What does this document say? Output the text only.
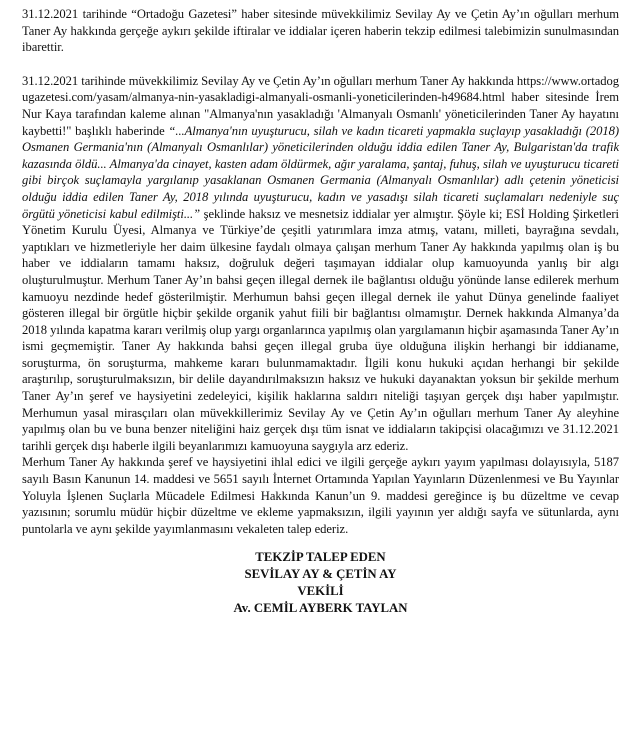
31.12.2021 tarihinde “Ortadoğu Gazetesi” haber sitesinde müvekkilimiz Sevilay Ay ve Çetin Ay’ın oğulları merhum Taner Ay hakkında gerçeğe aykırı şekilde iftiralar ve iddialar içeren haberin tekzip edilmesi talebimizin sunulmasından ibarettir.

31.12.2021 tarihinde müvekkilimiz Sevilay Ay ve Çetin Ay’ın oğulları merhum Taner Ay hakkında https://www.ortadogugazetesi.com/yasam/almanya-nin-yasakladigi-almanyali-osmanli-yoneticilerinden-h49684.html haber sitesinde İrem Nur Kaya tarafından kaleme alınan "Almanya'nın yasakladığı 'Almanyalı Osmanlı' yöneticilerinden Taner Ay hayatını kaybetti!" başlıklı haberinde “...Almanya'nın uyuşturucu, silah ve kadın ticareti yapmakla suçlayıp yasakladığı (2018) Osmanen Germania'nın (Almanyalı Osmanlılar) yöneticilerinden olduğu iddia edilen Taner Ay, Bulgaristan'da trafik kazasında öldü... Almanya'da cinayet, kasten adam öldürmek, ağır yaralama, şantaj, fuhuş, silah ve uyuşturucu ticareti gibi birçok suçlamayla yargılanıp yasaklanan Osmanen Germania (Almanyalı Osmanlılar) adlı çetenin yöneticisi olduğu iddia edilen Taner Ay, 2018 yılında uyuşturucu, kadın ve yasadışı silah ticareti suçlamaları nedeniyle suç örgütü yöneticisi kabul edilmişti...” şeklinde haksız ve mesnetsiz iddialar yer almıştır. Şöyle ki; ESİ Holding Şirketleri Yönetim Kurulu Üyesi, Almanya ve Türkiye’de çeşitli yatırımlara imza atmış, vatanı, milleti, bayrağına sevdalı, yaptıkları ve hizmetleriyle her daim ülkesine faydalı olmaya çalışan merhum Taner Ay hakkında yapılmış olan iş bu haber ve iddiaların tamamı haksız, doğruluk değeri taşımayan iddialar olup kamuoyunda yanlış bir algı oluşturulmuştur. Merhum Taner Ay’ın bahsi geçen illegal dernek ile bağlantısı olduğu yönünde lanse edilerek merhum kamuoyu nezdinde hedef gösterilmiştir. Merhumun bahsi geçen illegal dernek ile yahut Dünya genelinde faaliyet gösteren illegal bir örgütle hiçbir şekilde organik yahut fiili bir bağlantısı olmamıştır. Dernek hakkında Almanya’da 2018 yılında kapatma kararı verilmiş olup yargı organlarınca yapılmış olan yargılamanın hiçbir aşamasında Taner Ay’ın ismi geçmemiştir. Taner Ay hakkında bahsi geçen illegal gruba üye olduğuna ilişkin herhangi bir iddianame, soruşturma, ön soruşturma, mahkeme kararı bulunmamaktadır. İlgili konu hukuki açıdan herhangi bir şekilde araştırılıp, soruşturulmaksızın, bir delile dayandırılmaksızın haksız ve hukuki dayanaktan yoksun bir şekilde merhum Taner Ay’ın şeref ve haysiyetini zedeleyici, kişilik haklarına saldırı niteliği taşıyan gerçek dışı haber yapılmıştır. Merhumun yasal mirasçıları olan müvekkillerimiz Sevilay Ay ve Çetin Ay’ın oğulları merhum Taner Ay aleyhine yapılmış olan bu ve buna benzer niteliğini haiz gerçek dışı tüm isnat ve iddiaların takipçisi olacağımızı ve 31.12.2021 tarihli gerçek dışı haberle ilgili beyanlarımızı kamuoyuna saygıyla arz ederiz.

Merhum Taner Ay hakkında şeref ve haysiyetini ihlal edici ve ilgili gerçeğe aykırı yayım yapılması dolayısıyla, 5187 sayılı Basın Kanunun 14. maddesi ve 5651 sayılı İnternet Ortamında Yapılan Yayınların Düzenlenmesi ve Bu Yayınlar Yoluyla İşlenen Suçlarla Mücadele Edilmesi Hakkında Kanun’un 9. maddesi gereğince iş bu düzeltme ve cevap yazısının; sorumlu müdür hiçbir düzeltme ve ekleme yapmaksızın, ilgili yayının yer aldığı sayfa ve sütunlarda, aynı puntolarla ve aynı şekilde yayımlanmasını vekaleten talep ederiz.

TEKZİP TALEP EDEN
SEVİLAY AY & ÇETİN AY
VEKİLİ
Av. CEMİL AYBERK TAYLAN
